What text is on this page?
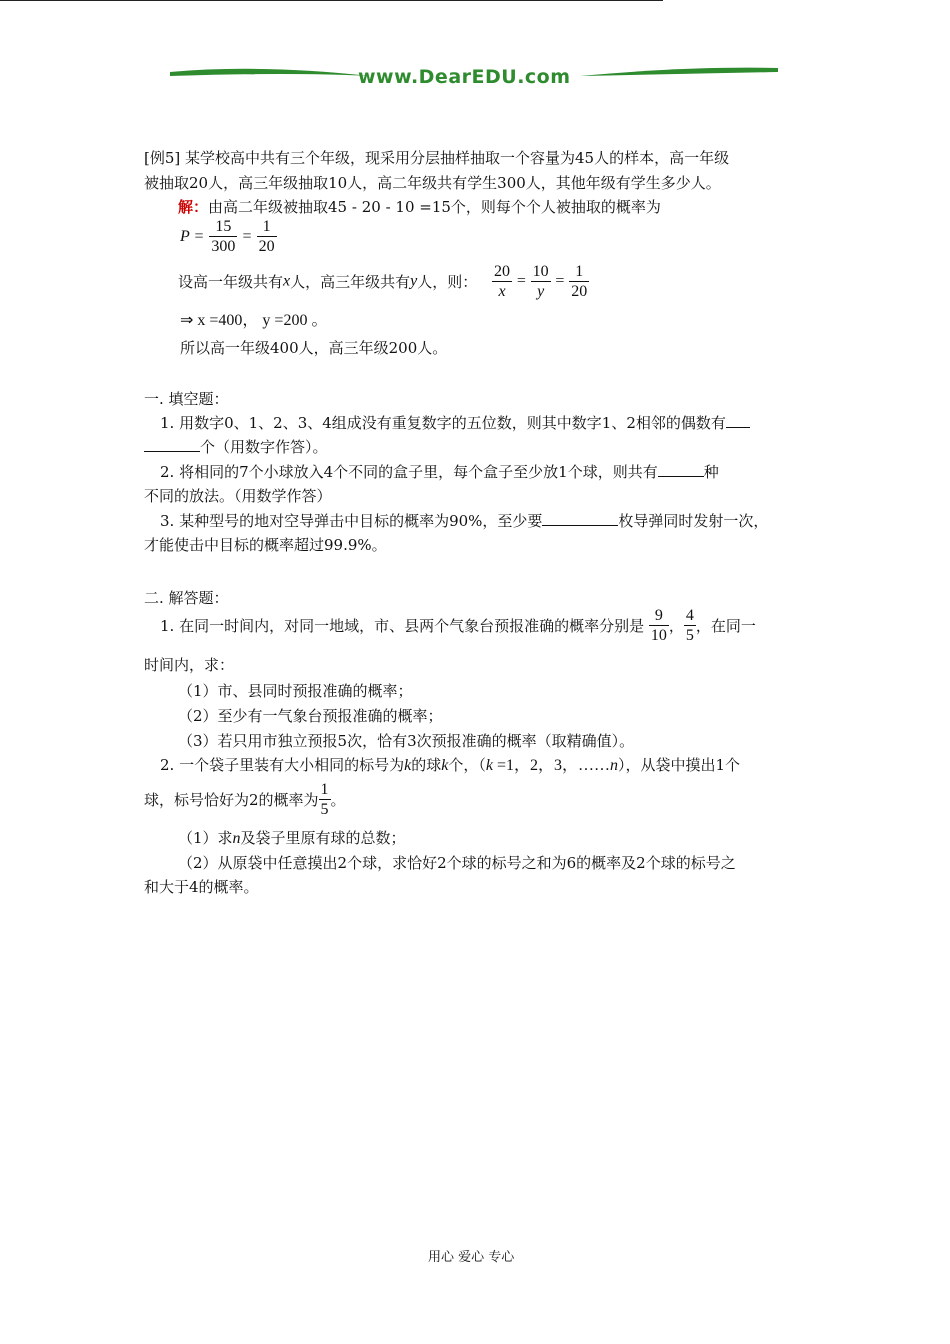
www.DearEDU.com
[例5] 某学校高中共有三个年级，现采用分层抽样抽取一个容量为45人的样本，高一年级
被抽取20人，高三年级抽取10人，高二年级共有学生300人，其他年级有学生多少人。
解：由高二年级被抽取45 - 20 - 10 =15个，则每个个人被抽取的概率为
$P = \frac{15}{300} = \frac{1}{20}$
设高一年级共有x人，高三年级共有y人，则： $\frac{20}{x} = \frac{10}{y} = \frac{1}{20}$
⇒ x =400， y =200 。
所以高一年级400人，高三年级200人。
一. 填空题：
1. 用数字0、1、2、3、4组成没有重复数字的五位数，则其中数字1、2相邻的偶数有
个（用数字作答）。
2. 将相同的7个小球放入4个不同的盒子里，每个盒子至少放1个球，则共有	种
不同的放法。（用数学作答）
3. 某种型号的地对空导弹击中目标的概率为90%，至少要	枚导弹同时发射一次，
才能使击中目标的概率超过99.9%。
二. 解答题：
1. 在同一时间内，对同一地域，市、县两个气象台预报准确的概率分别是 $\frac{9}{10}$ ， $\frac{4}{5}$ ，在同一
时间内，求：
（1）市、县同时预报准确的概率；
（2）至少有一气象台预报准确的概率；
（3）若只用市独立预报5次，恰有3次预报准确的概率（取精确值）。
2. 一个袋子里装有大小相同的标号为k的球k个，（k =1，2，3，……n），从袋中摸出1个
球，标号恰好为2的概率为 $\frac{1}{5}$ 。
（1）求n及袋子里原有球的总数；
（2）从原袋中任意摸出2个球，求恰好2个球的标号之和为6的概率及2个球的标号之
和大于4的概率。
用心 爱心 专心
